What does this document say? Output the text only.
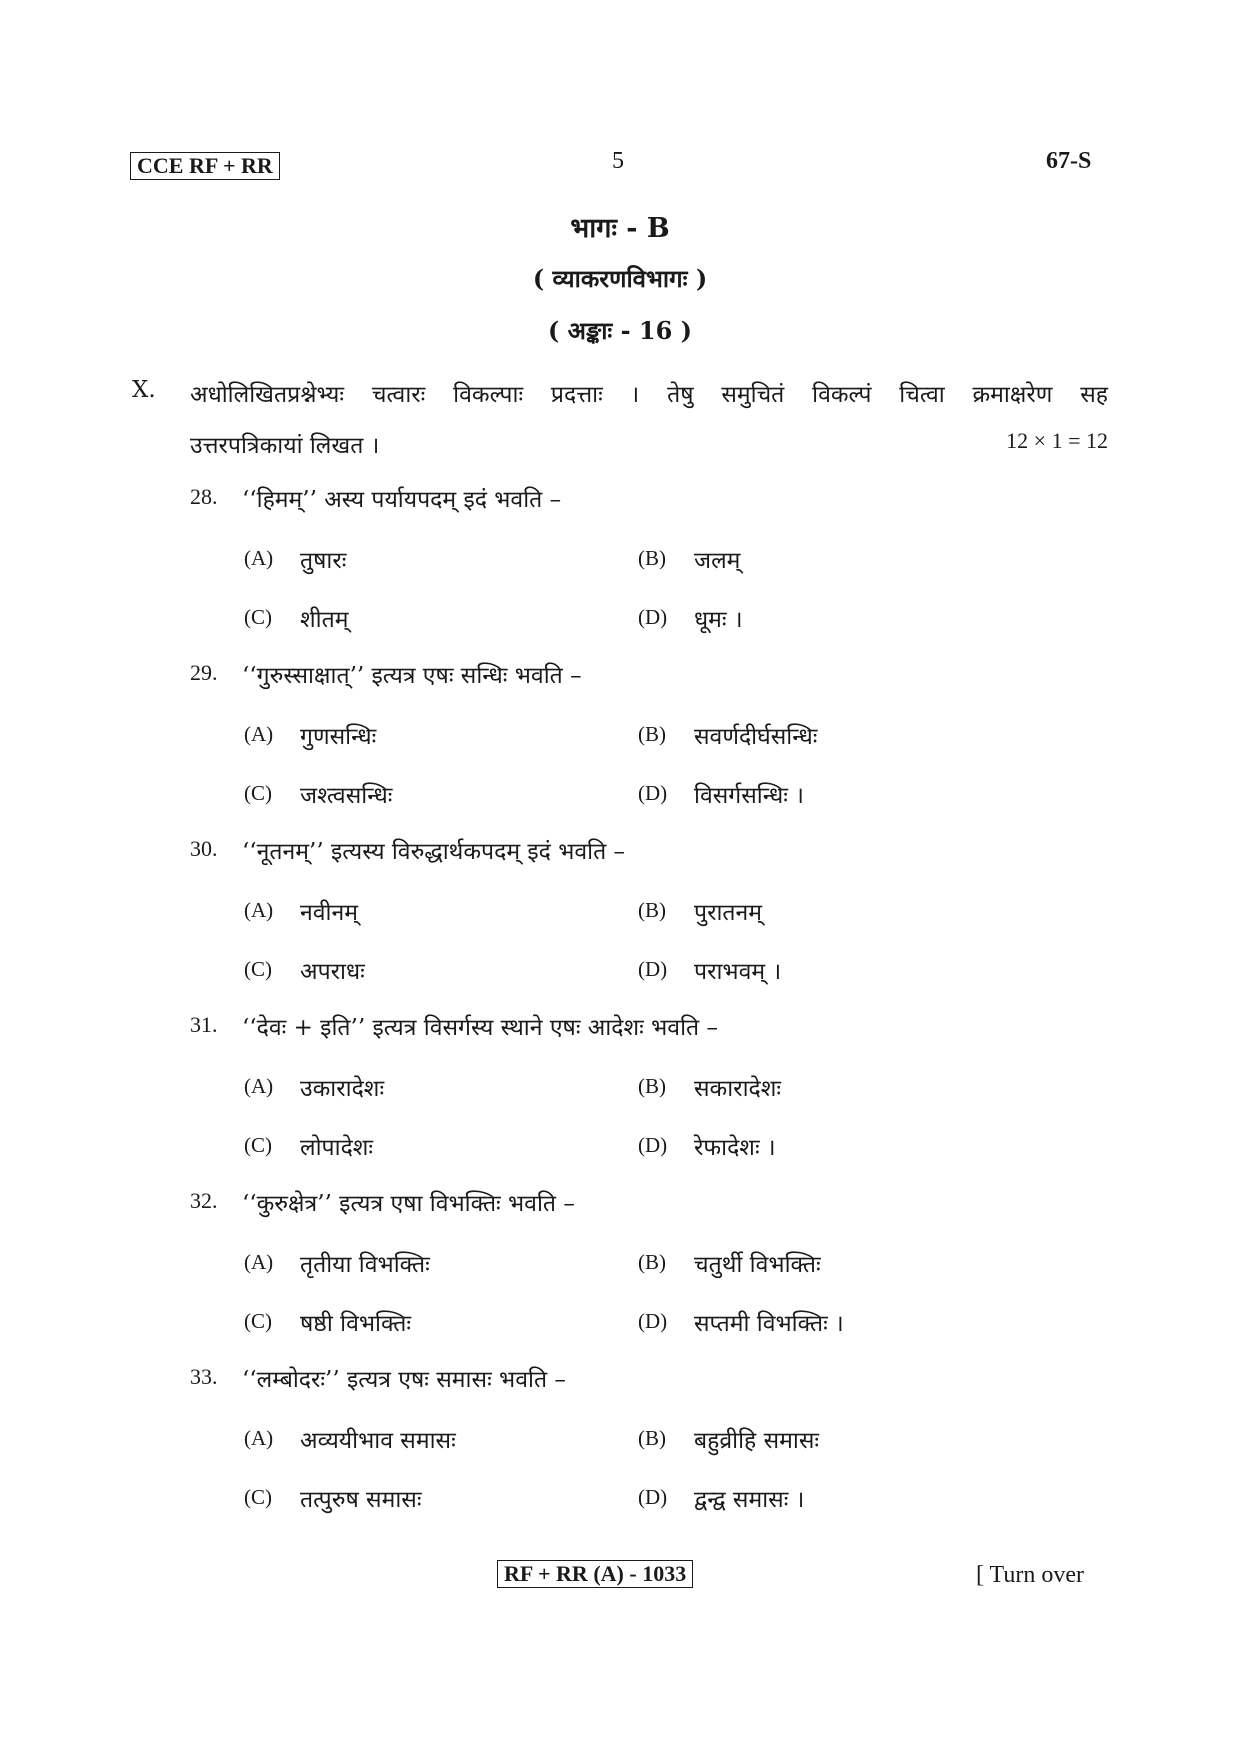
CCE RF + RR	5	67-S
भागः - B
( व्याकरणविभागः )
( अङ्काः - 16 )
X. अधोलिखितप्रश्नेभ्यः चत्वारः विकल्पाः प्रदत्ताः । तेषु समुचितं विकल्पं चित्वा क्रमाक्षरेण सह
उत्तरपत्रिकायां लिखत ।	12 × 1 = 12
28. ‘‘हिमम्’’ अस्य पर्यायपदम् इदं भवति –
(A) तुषारः	(B) जलम्
(C) शीतम्	(D) धूमः ।
29. ‘‘गुरुस्साक्षात्’’ इत्यत्र एषः सन्धिः भवति –
(A) गुणसन्धिः	(B) सवर्णदीर्घसन्धिः
(C) जश्त्वसन्धिः	(D) विसर्गसन्धिः ।
30. ‘‘नूतनम्’’ इत्यस्य विरुद्धार्थकपदम् इदं भवति –
(A) नवीनम्	(B) पुरातनम्
(C) अपराधः	(D) पराभवम् ।
31. ‘‘देवः + इति’’ इत्यत्र विसर्गस्य स्थाने एषः आदेशः भवति –
(A) उकारादेशः	(B) सकारादेशः
(C) लोपादेशः	(D) रेफादेशः ।
32. ‘‘कुरुक्षेत्र’’ इत्यत्र एषा विभक्तिः भवति –
(A) तृतीया विभक्तिः	(B) चतुर्थी विभक्तिः
(C) षष्ठी विभक्तिः	(D) सप्तमी विभक्तिः ।
33. ‘‘लम्बोदरः’’ इत्यत्र एषः समासः भवति –
(A) अव्ययीभाव समासः	(B) बहुव्रीहि समासः
(C) तत्पुरुष समासः	(D) द्वन्द्व समासः ।
RF + RR (A) - 1033	[ Turn over
